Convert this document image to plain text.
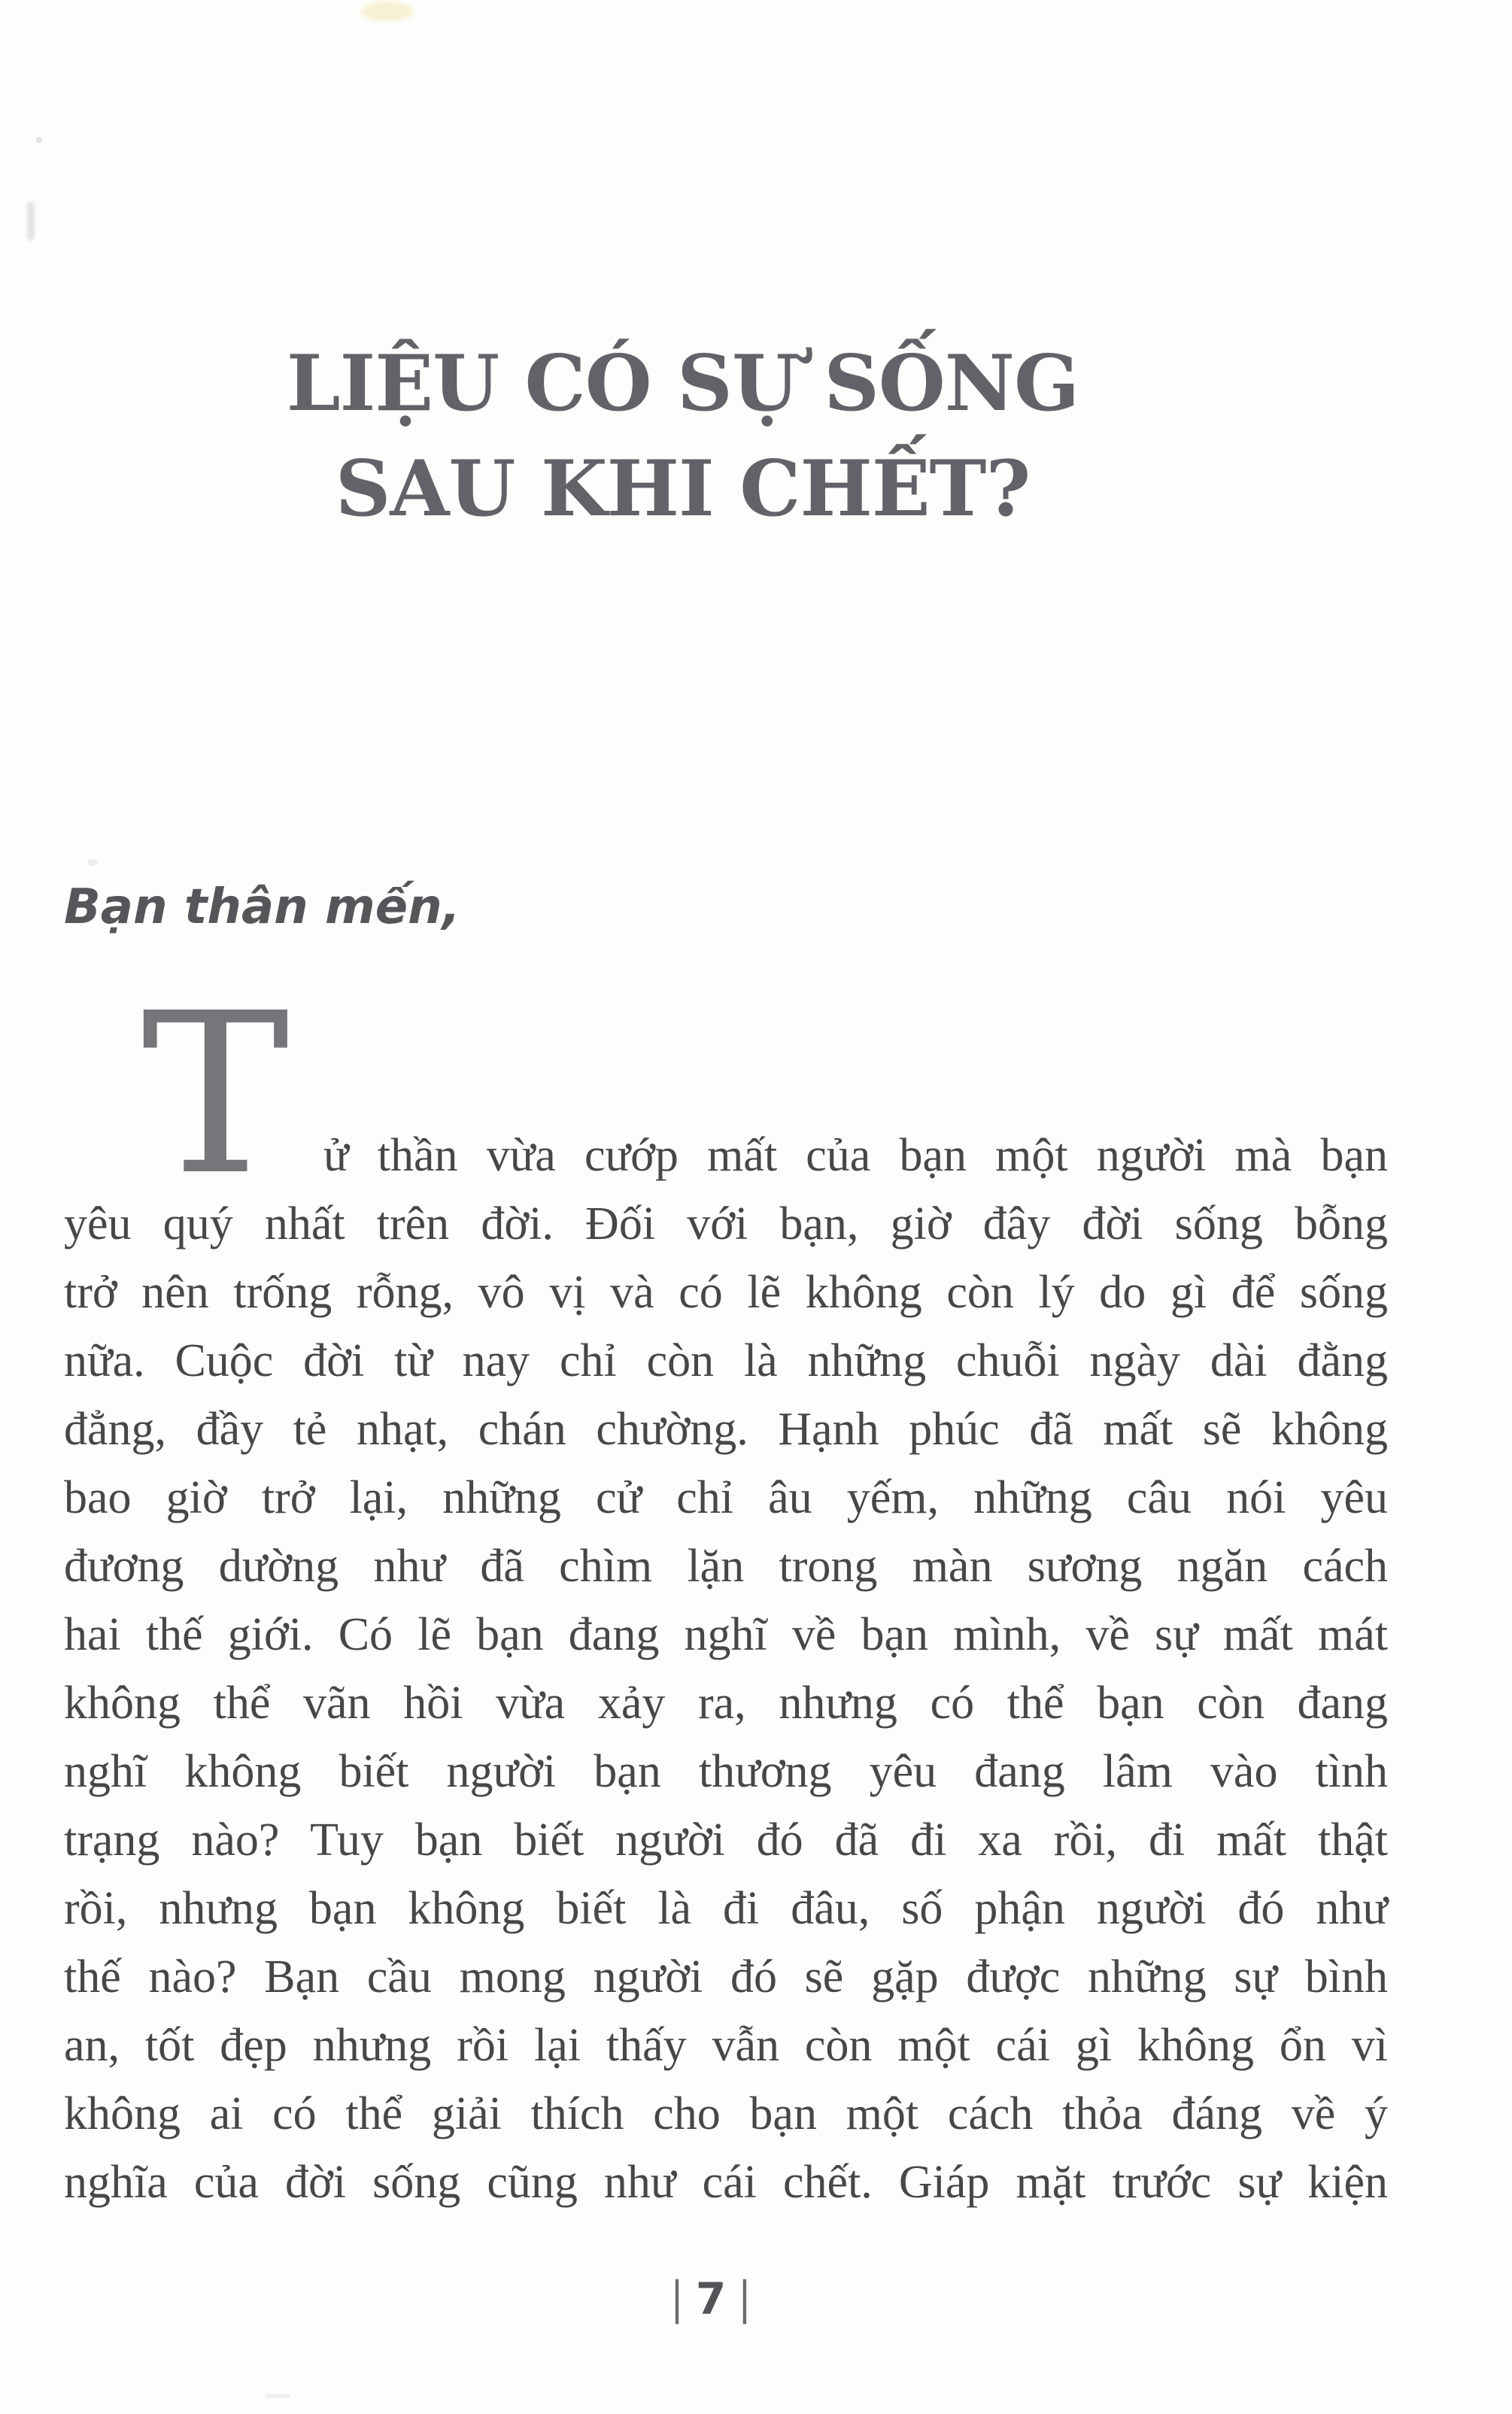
LIỆU CÓ SỰ SỐNG
SAU KHI CHẾT?
Bạn thân mến,
T ử thần vừa cướp mất của bạn một người mà bạn
yêu quý nhất trên đời. Đối với bạn, giờ đây đời sống bỗng
trở nên trống rỗng, vô vị và có lẽ không còn lý do gì để sống
nữa. Cuộc đời từ nay chỉ còn là những chuỗi ngày dài đằng
đẳng, đầy tẻ nhạt, chán chường. Hạnh phúc đã mất sẽ không
bao giờ trở lại, những cử chỉ âu yếm, những câu nói yêu
đương dường như đã chìm lặn trong màn sương ngăn cách
hai thế giới. Có lẽ bạn đang nghĩ về bạn mình, về sự mất mát
không thể vãn hồi vừa xảy ra, nhưng có thể bạn còn đang
nghĩ không biết người bạn thương yêu đang lâm vào tình
trạng nào? Tuy bạn biết người đó đã đi xa rồi, đi mất thật
rồi, nhưng bạn không biết là đi đâu, số phận người đó như
thế nào? Bạn cầu mong người đó sẽ gặp được những sự bình
an, tốt đẹp nhưng rồi lại thấy vẫn còn một cái gì không ổn vì
không ai có thể giải thích cho bạn một cách thỏa đáng về ý
nghĩa của đời sống cũng như cái chết. Giáp mặt trước sự kiện
| 7 |
